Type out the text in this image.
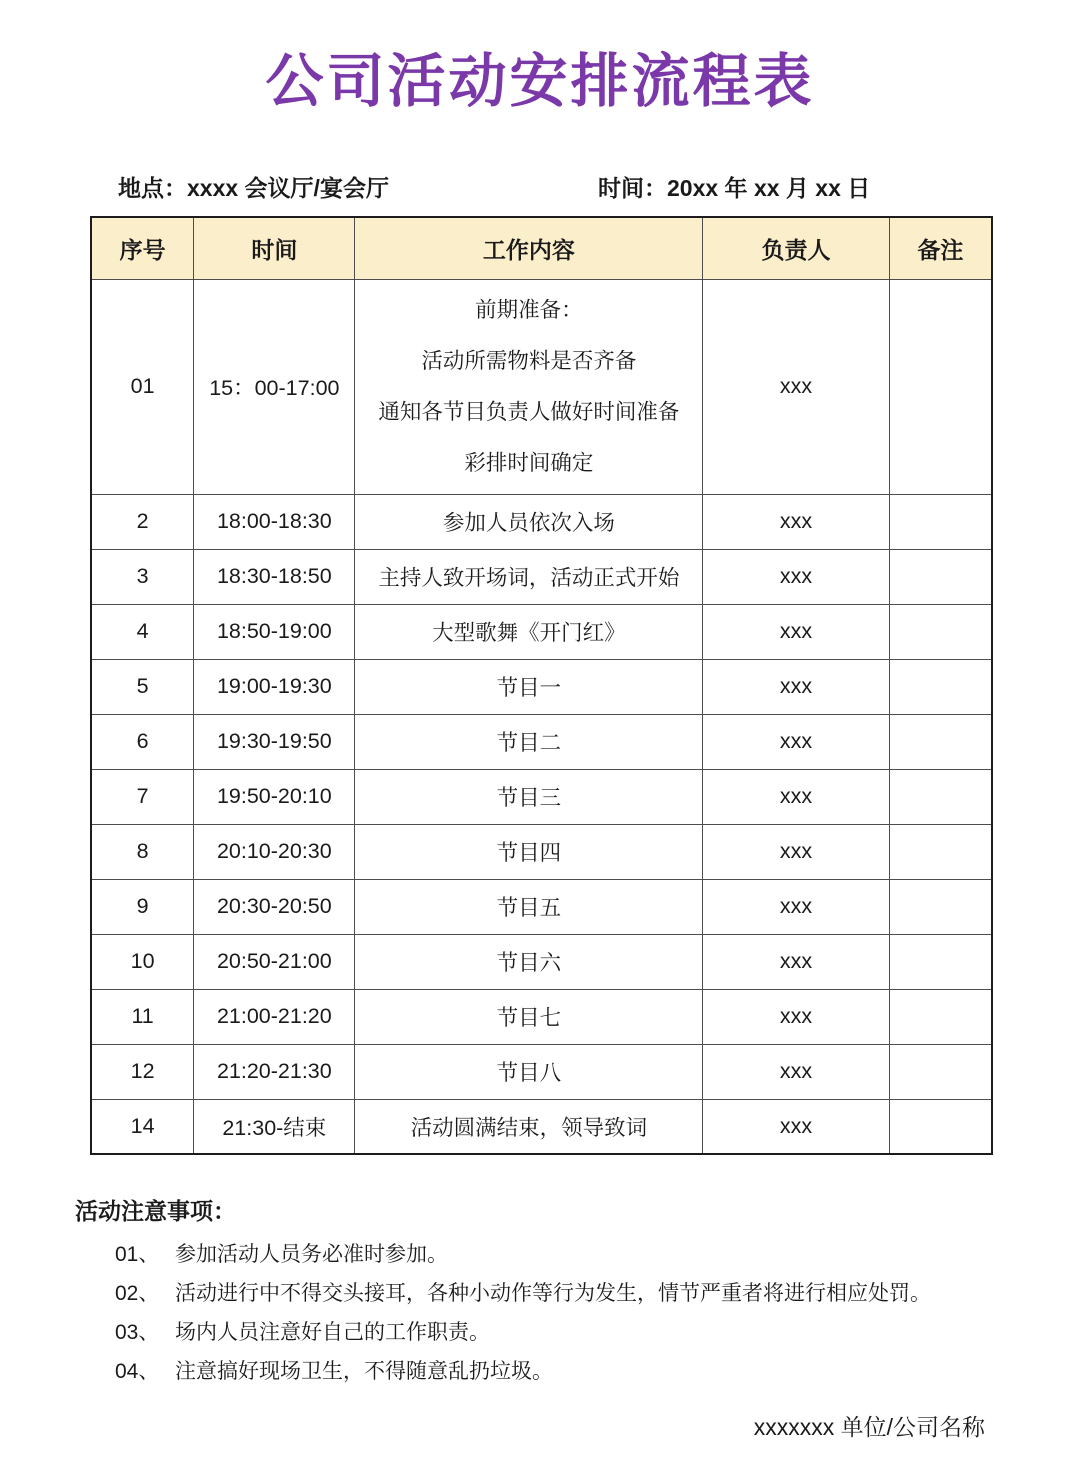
公司活动安排流程表
地点：xxxx 会议厅/宴会厅	时间：20xx 年 xx 月 xx 日
序号	时间	工作内容	负责人	备注
01	15：00-17:00	前期准备：
活动所需物料是否齐备
通知各节目负责人做好时间准备
彩排时间确定	xxx	
2	18:00-18:30	参加人员依次入场	xxx	
3	18:30-18:50	主持人致开场词，活动正式开始	xxx	
4	18:50-19:00	大型歌舞《开门红》	xxx	
5	19:00-19:30	节目一	xxx	
6	19:30-19:50	节目二	xxx	
7	19:50-20:10	节目三	xxx	
8	20:10-20:30	节目四	xxx	
9	20:30-20:50	节目五	xxx	
10	20:50-21:00	节目六	xxx	
11	21:00-21:20	节目七	xxx	
12	21:20-21:30	节目八	xxx	
14	21:30-结束	活动圆满结束，领导致词	xxx	
活动注意事项：
01、 参加活动人员务必准时参加。
02、 活动进行中不得交头接耳，各种小动作等行为发生，情节严重者将进行相应处罚。
03、 场内人员注意好自己的工作职责。
04、 注意搞好现场卫生，不得随意乱扔垃圾。
xxxxxxx 单位/公司名称
